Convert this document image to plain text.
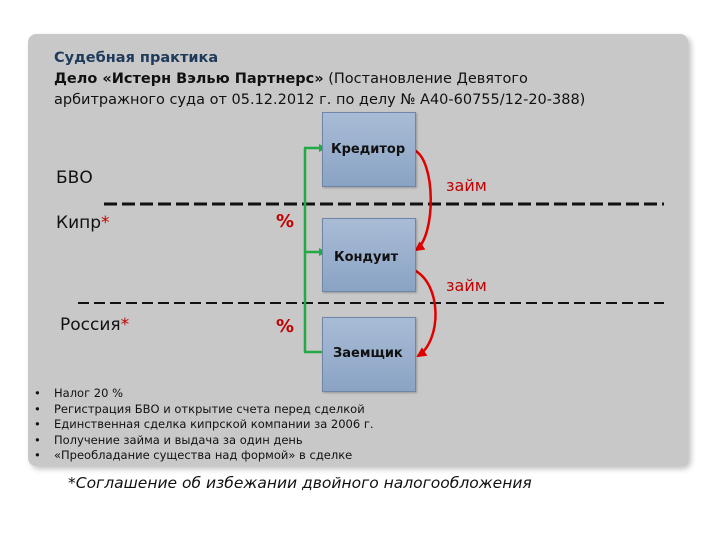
Судебная практика
Дело «Истерн Вэлью Партнерс» (Постановление Девятого
арбитражного суда от 05.12.2012 г. по делу № А40-60755/12-20-388)
Кредитор
Кондуит
Заемщик
БВО
Кипр*
Россия*
%
%
займ
займ
• Налог 20 %
• Регистрация БВО и открытие счета перед сделкой
• Единственная сделка кипрской компании за 2006 г.
• Получение займа и выдача за один день
• «Преобладание существа над формой» в сделке
*Соглашение об избежании двойного налогообложения
